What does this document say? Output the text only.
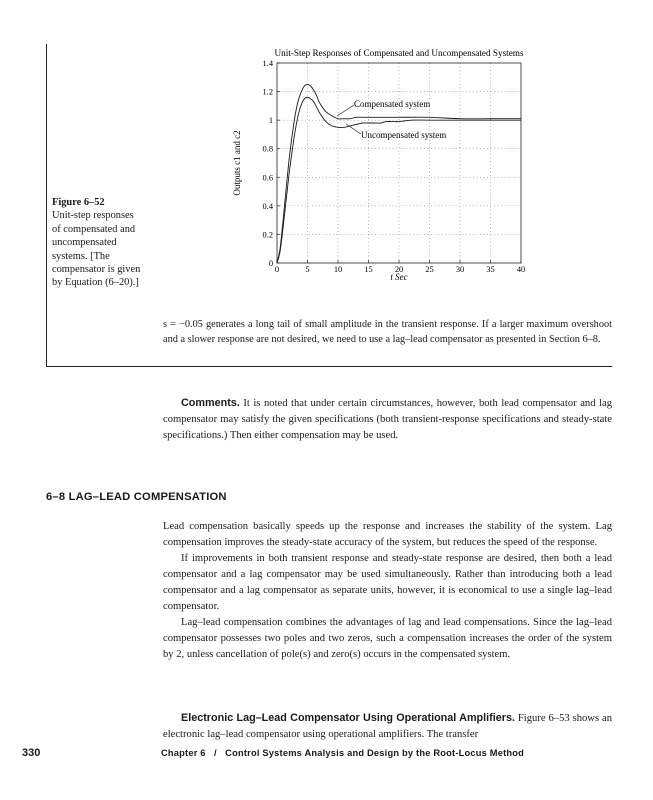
Figure 6–52
Unit-step responses
of compensated and
uncompensated
systems. [The
compensator is given
by Equation (6–20).]
Unit-Step Responses of Compensated and Uncompensated Systems
0	5	10	15	20	25	30	35	40
0
0.2
0.4
0.6
0.8
1
1.2
1.4
Compensated system
Uncompensated system
t Sec
Outputs c1 and c2
s = −0.05 generates a long tail of small amplitude in the transient response. If a larger maximum overshoot and a slower response are not desired, we need to use a lag–lead compensator as presented in Section 6–8.

Comments. It is noted that under certain circumstances, however, both lead compensator and lag compensator may satisfy the given specifications (both transient-response specifications and steady-state specifications.) Then either compensation may be used.

6–8 LAG–LEAD COMPENSATION

Lead compensation basically speeds up the response and increases the stability of the system. Lag compensation improves the steady-state accuracy of the system, but reduces the speed of the response.

If improvements in both transient response and steady-state response are desired, then both a lead compensator and a lag compensator may be used simultaneously. Rather than introducing both a lead compensator and a lag compensator as separate units, however, it is economical to use a single lag–lead compensator.

Lag–lead compensation combines the advantages of lag and lead compensations. Since the lag–lead compensator possesses two poles and two zeros, such a compensation increases the order of the system by 2, unless cancellation of pole(s) and zero(s) occurs in the compensated system.

Electronic Lag–Lead Compensator Using Operational Amplifiers. Figure 6–53 shows an electronic lag–lead compensator using operational amplifiers. The transfer

330	Chapter 6   /   Control Systems Analysis and Design by the Root-Locus Method
